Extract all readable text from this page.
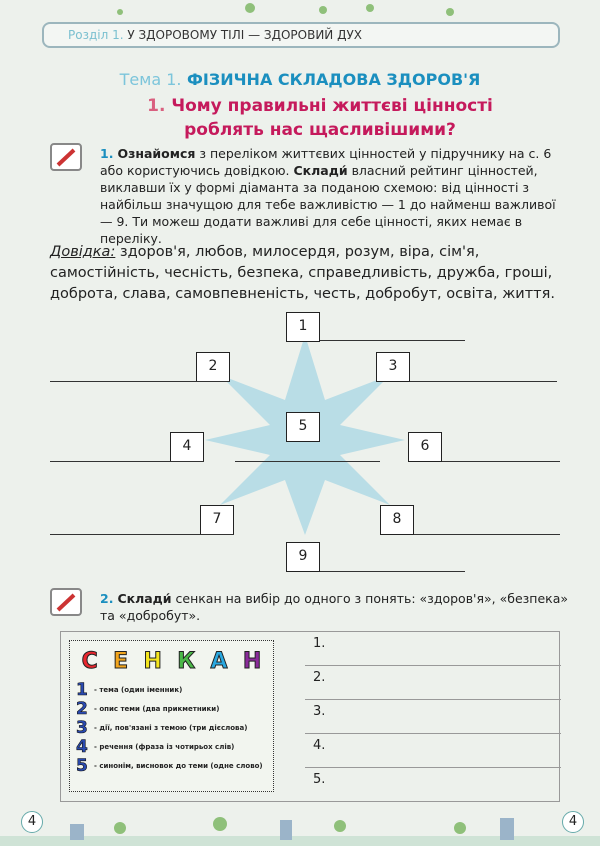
Розділ 1. У ЗДОРОВОМУ ТІЛІ — ЗДОРОВИЙ ДУХ
Тема 1. ФІЗИЧНА СКЛАДОВА ЗДОРОВ'Я
1. Чому правильні життєві цінності
роблять нас щасливішими?
1. Ознайомся з переліком життєвих цінностей у підручнику на с. 6 або користуючись довідкою. Склади́ власний рейтинг цінностей, виклавши їх у формі діаманта за поданою схемою: від цінності з найбільш значущою для тебе важливістю — 1 до найменш важливої — 9. Ти можеш додати важливі для себе цінності, яких немає в переліку.
Довідка: здоров'я, любов, милосердя, розум, віра, сім'я, самостійність, чесність, безпека, справедливість, дружба, гроші, доброта, слава, самовпевненість, честь, добробут, освіта, життя.
1
2	3
4
5
6
7	8
9
2. Склади́ сенкан на вибір до одного з понять: «здоров'я», «безпека» та «добробут».
С Е Н К А Н
1 - тема (один іменник)
2 - опис теми (два прикметники)
3 - дії, пов'язані з темою (три дієслова)
4 - речення (фраза із чотирьох слів)
5 - синонім, висновок до теми (одне слово)
1.
2.
3.
4.
5.
4	4
